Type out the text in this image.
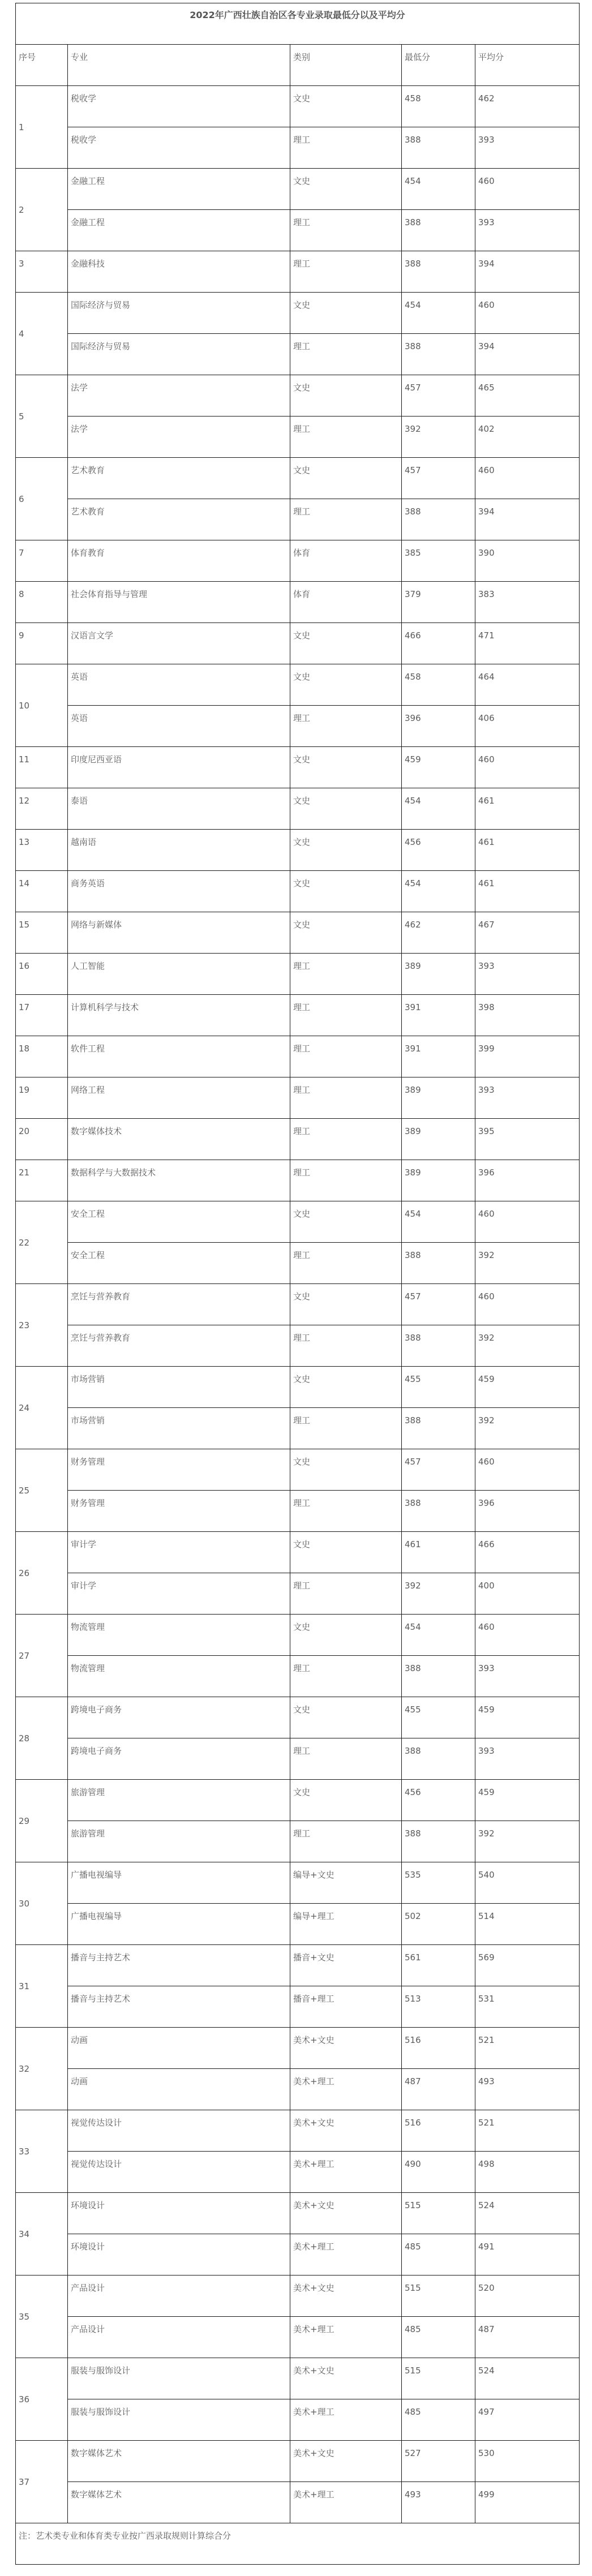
2022年广西壮族自治区各专业录取最低分以及平均分				
序号	专业	类别	最低分	平均分
1	税收学	文史	458	462
	税收学	理工	388	393
2	金融工程	文史	454	460
	金融工程	理工	388	393
3	金融科技	理工	388	394
4	国际经济与贸易	文史	454	460
	国际经济与贸易	理工	388	394
5	法学	文史	457	465
	法学	理工	392	402
6	艺术教育	文史	457	460
	艺术教育	理工	388	394
7	体育教育	体育	385	390
8	社会体育指导与管理	体育	379	383
9	汉语言文学	文史	466	471
10	英语	文史	458	464
	英语	理工	396	406
11	印度尼西亚语	文史	459	460
12	泰语	文史	454	461
13	越南语	文史	456	461
14	商务英语	文史	454	461
15	网络与新媒体	文史	462	467
16	人工智能	理工	389	393
17	计算机科学与技术	理工	391	398
18	软件工程	理工	391	399
19	网络工程	理工	389	393
20	数字媒体技术	理工	389	395
21	数据科学与大数据技术	理工	389	396
22	安全工程	文史	454	460
	安全工程	理工	388	392
23	烹饪与营养教育	文史	457	460
	烹饪与营养教育	理工	388	392
24	市场营销	文史	455	459
	市场营销	理工	388	392
25	财务管理	文史	457	460
	财务管理	理工	388	396
26	审计学	文史	461	466
	审计学	理工	392	400
27	物流管理	文史	454	460
	物流管理	理工	388	393
28	跨境电子商务	文史	455	459
	跨境电子商务	理工	388	393
29	旅游管理	文史	456	459
	旅游管理	理工	388	392
30	广播电视编导	编导+文史	535	540
	广播电视编导	编导+理工	502	514
31	播音与主持艺术	播音+文史	561	569
	播音与主持艺术	播音+理工	513	531
32	动画	美术+文史	516	521
	动画	美术+理工	487	493
33	视觉传达设计	美术+文史	516	521
	视觉传达设计	美术+理工	490	498
34	环境设计	美术+文史	515	524
	环境设计	美术+理工	485	491
35	产品设计	美术+文史	515	520
	产品设计	美术+理工	485	487
36	服装与服饰设计	美术+文史	515	524
	服装与服饰设计	美术+理工	485	497
37	数字媒体艺术	美术+文史	527	530
	数字媒体艺术	美术+理工	493	499
注：艺术类专业和体育类专业按广西录取规则计算综合分				
